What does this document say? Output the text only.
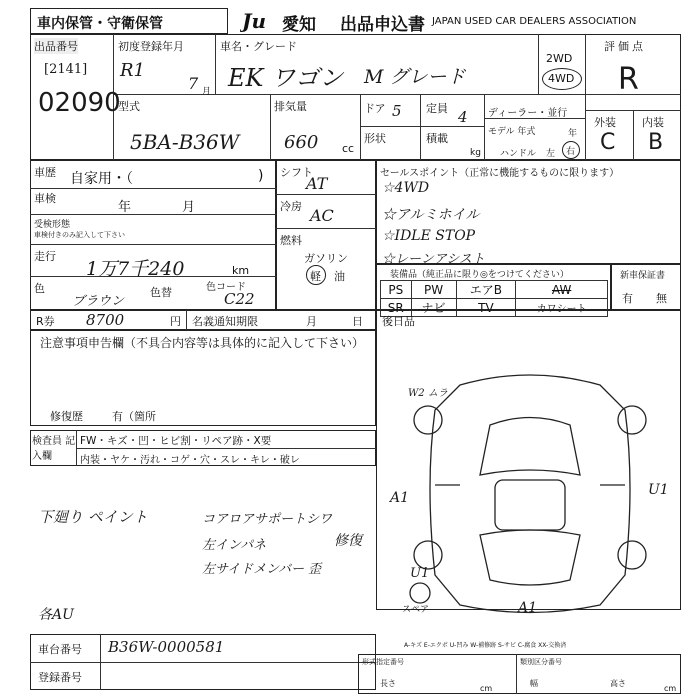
車内保管・守衛保管	Ju 愛知 出品申込書 JAPAN USED CAR DEALERS ASSOCIATION
出品番号
[2141]
02090
初度登録年月
R1
7 月
車名・グレード
EK ワゴン M グレード
2WD
4WD
評価点
R
型式
5BA-B36W
排気量
660 cc
ドア 5
形状
定員 4
積載
kg
ディーラー・並行
モデル 年式	年
ハンドル 左 右
外装 内装
C B
車歴 自家用・（	)
車検
年	月
受検形態
車検付きのみ記入して下さい
走行
1万7千240	km
色
ブラウン
色替	色コード
C22
シフト
AT
冷房 AC
燃料
ガソリン
軽 油
セールスポイント（正常に機能するものに限ります）
☆4WD
☆アルミホイル
☆IDLE STOP
☆レーンアシスト
装備品（純正品に限り◎をつけてください）
PS	PW	エアB	AW
SR	ナビ	TV	カワシート
新車保証書
有 無
R券 8700	円 名義通知期限	月	日
注意事項申告欄（不具合内容等は具体的に記入して下さい）
修復歴	有（箇所
後日品
W2 ムラ
A1	U1
U1
スペア	A1
A-キズ E-エクボ U-凹み W-補修跡 S-サビ C-腐食 XX-交換済
検査員 記入欄
FW・キズ・凹・ヒビ割・リペア跡・X要
内装・ヤケ・汚れ・コゲ・穴・スレ・キレ・破レ
下廻り ペイント	コアロアサポートシワ
左インパネ	修復
左サイドメンバー 歪
各AU
車台番号 B36W-0000581
登録番号
形式指定番号	類別区分番号
長さ
cm
幅	高さ
cm
